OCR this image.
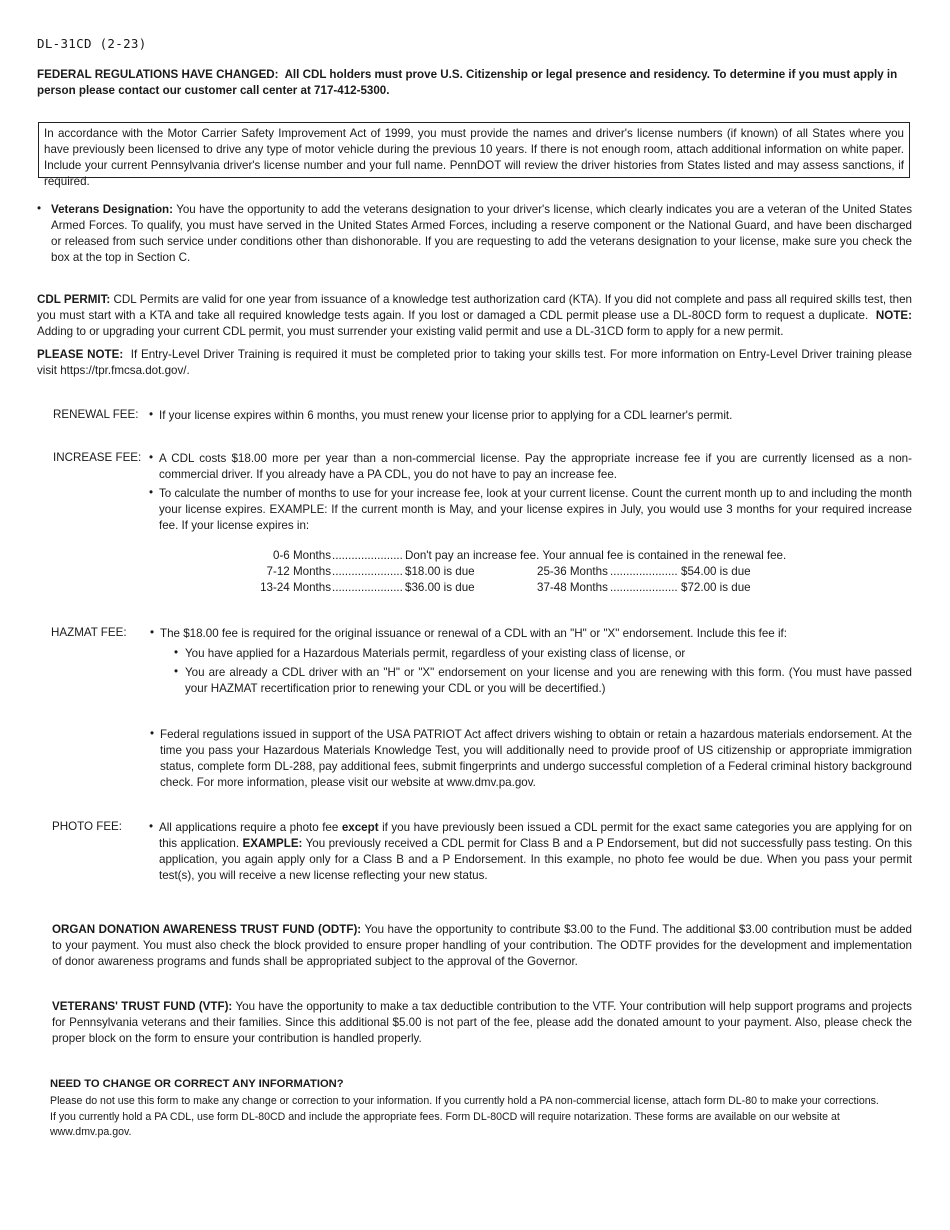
DL-31CD (2-23)
FEDERAL REGULATIONS HAVE CHANGED: All CDL holders must prove U.S. Citizenship or legal presence and residency. To determine if you must apply in person please contact our customer call center at 717-412-5300.

In accordance with the Motor Carrier Safety Improvement Act of 1999, you must provide the names and driver's license numbers (if known) of all States where you have previously been licensed to drive any type of motor vehicle during the previous 10 years. If there is not enough room, attach additional information on white paper. Include your current Pennsylvania driver's license number and your full name. PennDOT will review the driver histories from States listed and may assess sanctions, if required.

• Veterans Designation: You have the opportunity to add the veterans designation to your driver's license, which clearly indicates you are a veteran of the United States Armed Forces. To qualify, you must have served in the United States Armed Forces, including a reserve component or the National Guard, and have been discharged or released from such service under conditions other than dishonorable. If you are requesting to add the veterans designation to your license, make sure you check the box at the top in Section C.

CDL PERMIT: CDL Permits are valid for one year from issuance of a knowledge test authorization card (KTA). If you did not complete and pass all required skills test, then you must start with a KTA and take all required knowledge tests again. If you lost or damaged a CDL permit please use a DL-80CD form to request a duplicate. NOTE: Adding to or upgrading your current CDL permit, you must surrender your existing valid permit and use a DL-31CD form to apply for a new permit.

PLEASE NOTE: If Entry-Level Driver Training is required it must be completed prior to taking your skills test. For more information on Entry-Level Driver training please visit https://tpr.fmcsa.dot.gov/.

RENEWAL FEE: • If your license expires within 6 months, you must renew your license prior to applying for a CDL learner's permit.

INCREASE FEE: • A CDL costs $18.00 more per year than a non-commercial license. Pay the appropriate increase fee if you are currently licensed as a non-commercial driver. If you already have a PA CDL, you do not have to pay an increase fee.

• To calculate the number of months to use for your increase fee, look at your current license. Count the current month up to and including the month your license expires. EXAMPLE: If the current month is May, and your license expires in July, you would use 3 months for your required increase fee. If your license expires in:

0-6 Months ...................... Don't pay an increase fee. Your annual fee is contained in the renewal fee.
7-12 Months ...................... $18.00 is due	25-36 Months ..................... $54.00 is due
13-24 Months ...................... $36.00 is due	37-48 Months ..................... $72.00 is due
HAZMAT FEE: • The $18.00 fee is required for the original issuance or renewal of a CDL with an "H" or "X" endorsement. Include this fee if:

• You have applied for a Hazardous Materials permit, regardless of your existing class of license, or

• You are already a CDL driver with an "H" or "X" endorsement on your license and you are renewing with this form. (You must have passed your HAZMAT recertification prior to renewing your CDL or you will be decertified.)

• Federal regulations issued in support of the USA PATRIOT Act affect drivers wishing to obtain or retain a hazardous materials endorsement. At the time you pass your Hazardous Materials Knowledge Test, you will additionally need to provide proof of US citizenship or appropriate immigration status, complete form DL-288, pay additional fees, submit fingerprints and undergo successful completion of a Federal criminal history background check. For more information, please visit our website at www.dmv.pa.gov.

PHOTO FEE: • All applications require a photo fee except if you have previously been issued a CDL permit for the exact same categories you are applying for on this application. EXAMPLE: You previously received a CDL permit for Class B and a P Endorsement, but did not successfully pass testing. On this application, you again apply only for a Class B and a P Endorsement. In this example, no photo fee would be due. When you pass your permit test(s), you will receive a new license reflecting your new status.

ORGAN DONATION AWARENESS TRUST FUND (ODTF): You have the opportunity to contribute $3.00 to the Fund. The additional $3.00 contribution must be added to your payment. You must also check the block provided to ensure proper handling of your contribution. The ODTF provides for the development and implementation of donor awareness programs and funds shall be appropriated subject to the approval of the Governor.

VETERANS' TRUST FUND (VTF): You have the opportunity to make a tax deductible contribution to the VTF. Your contribution will help support programs and projects for Pennsylvania veterans and their families. Since this additional $5.00 is not part of the fee, please add the donated amount to your payment. Also, please check the proper block on the form to ensure your contribution is handled properly.

NEED TO CHANGE OR CORRECT ANY INFORMATION?
Please do not use this form to make any change or correction to your information. If you currently hold a PA non-commercial license, attach form DL-80 to make your corrections.
If you currently hold a PA CDL, use form DL-80CD and include the appropriate fees. Form DL-80CD will require notarization. These forms are available on our website at
www.dmv.pa.gov.
